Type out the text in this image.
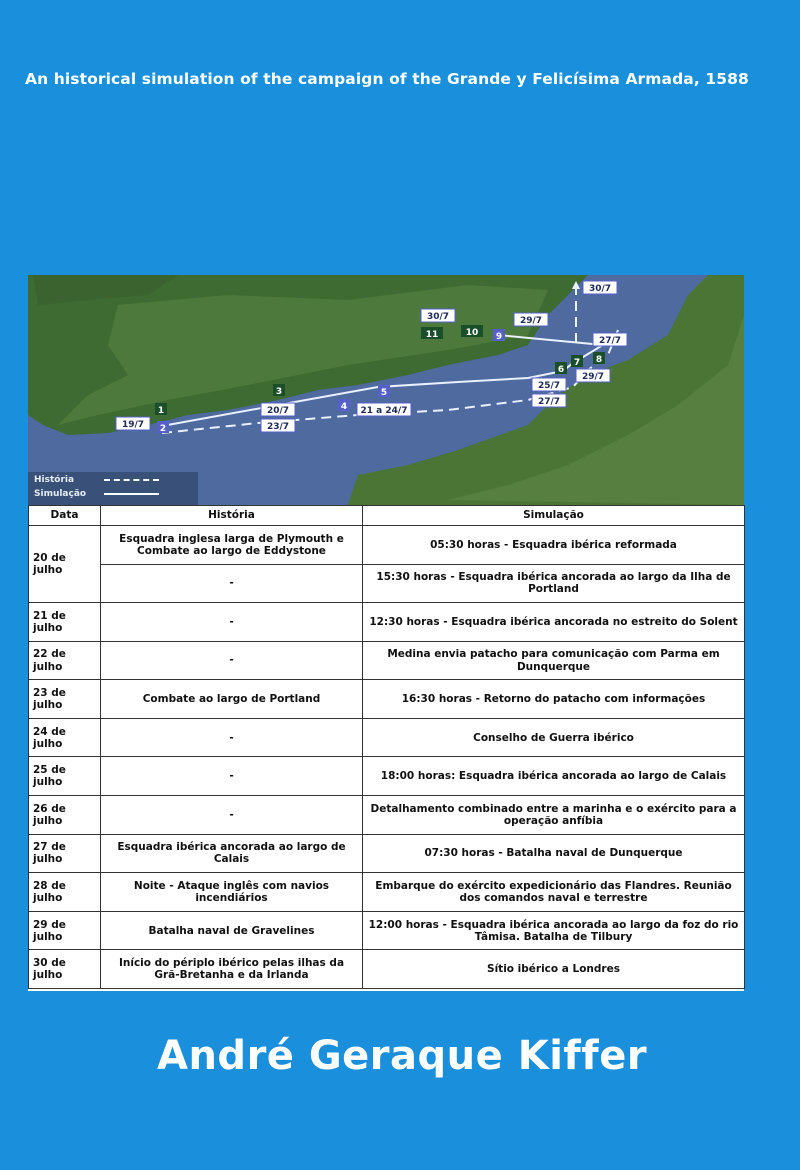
An historical simulation of the campaign of the Grande y Felicísima Armada, 1588
1
2
3
4
5
6
7 8
9
10
11
19/7
20/7
23/7
21 a 24/7
25/7
27/7
29/7
27/7
29/7
30/7
30/7
História
Simulação
Data	História	Simulação
20 de julho	Esquadra inglesa larga de Plymouth e Combate ao largo de Eddystone	05:30 horas - Esquadra ibérica reformada
	-	15:30 horas - Esquadra ibérica ancorada ao largo da Ilha de Portland
21 de julho	-	12:30 horas - Esquadra ibérica ancorada no estreito do Solent
22 de julho	-	Medina envia patacho para comunicação com Parma em Dunquerque
23 de julho	Combate ao largo de Portland	16:30 horas - Retorno do patacho com informações
24 de julho	-	Conselho de Guerra ibérico
25 de julho	-	18:00 horas: Esquadra ibérica ancorada ao largo de Calais
26 de julho	-	Detalhamento combinado entre a marinha e o exército para a operação anfíbia
27 de julho	Esquadra ibérica ancorada ao largo de Calais	07:30 horas - Batalha naval de Dunquerque
28 de julho	Noite - Ataque inglês com navios incendiários	Embarque do exército expedicionário das Flandres. Reunião dos comandos naval e terrestre
29 de julho	Batalha naval de Gravelines	12:00 horas - Esquadra ibérica ancorada ao largo da foz do rio Tâmisa. Batalha de Tilbury
30 de julho	Início do périplo ibérico pelas ilhas da Grã-Bretanha e da Irlanda	Sítio ibérico a Londres
André Geraque Kiffer
